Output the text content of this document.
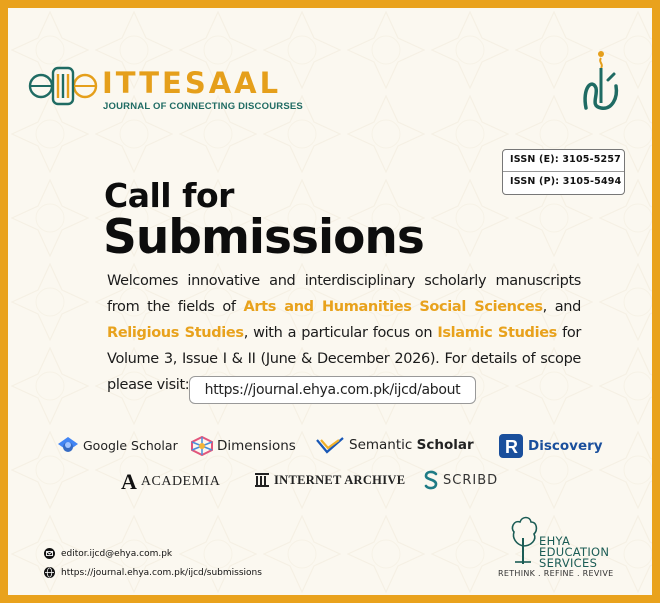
ITTESAAL
JOURNAL OF CONNECTING DISCOURSES
ISSN (E): 3105-5257
ISSN (P): 3105-5494
Call for
Submissions
Welcomes innovative and interdisciplinary scholarly manuscripts from the fields of Arts and Humanities Social Sciences, and Religious Studies, with a particular focus on Islamic Studies for Volume 3, Issue I & II (June & December 2026). For details of scope please visit:	https://journal.ehya.com.pk/ijcd/about
Google Scholar	Dimensions	Semantic Scholar R Discovery
A ACADEMIA	INTERNET ARCHIVE	SCRIBD
editor.ijcd@ehya.com.pk
https://journal.ehya.com.pk/ijcd/submissions
EHYA
EDUCATION
SERVICES
RETHINK . REFINE . REVIVE
